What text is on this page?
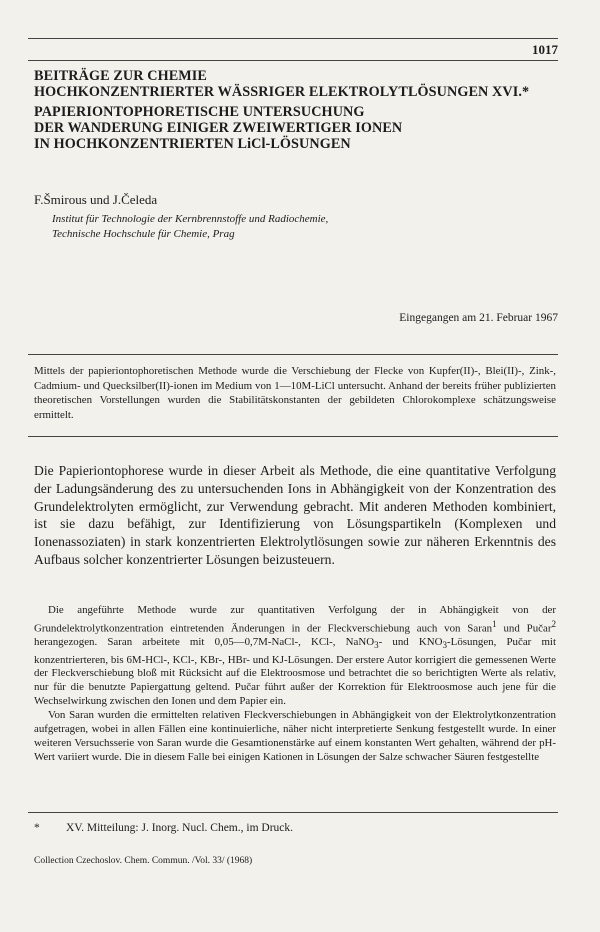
1017
BEITRÄGE ZUR CHEMIE
HOCHKONZENTRIERTER WÄSSRIGER ELEKTROLYTLÖSUNGEN XVI.*
PAPIERIONTOPHORETISCHE UNTERSUCHUNG
DER WANDERUNG EINIGER ZWEIWERTIGER IONEN
IN HOCHKONZENTRIERTEN LiCl-LÖSUNGEN
F.Šmirous und J.Čeleda
Institut für Technologie der Kernbrennstoffe und Radiochemie,
Technische Hochschule für Chemie, Prag
Eingegangen am 21. Februar 1967
Mittels der papieriontophoretischen Methode wurde die Verschiebung der Flecke von Kupfer(II)-, Blei(II)-, Zink-, Cadmium- und Quecksilber(II)-ionen im Medium von 1—10M-LiCl untersucht. Anhand der bereits früher publizierten theoretischen Vorstellungen wurden die Stabilitätskonstanten der gebildeten Chlorokomplexe schätzungsweise ermittelt.
Die Papieriontophorese wurde in dieser Arbeit als Methode, die eine quantitative Verfolgung der Ladungsänderung des zu untersuchenden Ions in Abhängigkeit von der Konzentration des Grundelektrolyten ermöglicht, zur Verwendung gebracht. Mit anderen Methoden kombiniert, ist sie dazu befähigt, zur Identifizierung von Lösungspartikeln (Komplexen und Ionenassoziaten) in stark konzentrierten Elektrolytlösungen sowie zur näheren Erkenntnis des Aufbaus solcher konzentrierter Lösungen beizusteuern.

Die angeführte Methode wurde zur quantitativen Verfolgung der in Abhängigkeit von der Grundelektrolytkonzentration eintretenden Änderungen in der Fleckverschiebung auch von Saran$^1$ und Pučar$^2$ herangezogen. Saran arbeitete mit 0,05—0,7M-NaCl-, KCl-, NaNO$_3$- und $KNO_3$-Lösungen, Pučar mit konzentrierteren, bis 6M-HCl-, KCl-, KBr-, HBr- und KJ-Lösungen. Der erstere Autor korrigiert die gemessenen Werte der Fleckverschiebung bloß mit Rücksicht auf die Elektroosmose und betrachtet die so berichtigten Werte als relativ, nur für die benutzte Papiergattung geltend. Pučar führt außer der Korrektion für Elektroosmose auch jene für die Wechselwirkung zwischen den Ionen und dem Papier ein.

Von Saran wurden die ermittelten relativen Fleckverschiebungen in Abhängigkeit von der Elektrolytkonzentration aufgetragen, wobei in allen Fällen eine kontinuierliche, näher nicht interpretierte Senkung festgestellt wurde. In einer weiteren Versuchsserie von Saran wurde die Gesamtionenstärke auf einem konstanten Wert gehalten, während der pH-Wert variiert wurde. Die in diesem Falle bei einigen Kationen in Lösungen der Salze schwacher Säuren festgestellte

* XV. Mitteilung: J. Inorg. Nucl. Chem., im Druck.
Collection Czechoslov. Chem. Commun. /Vol. 33/ (1968)
